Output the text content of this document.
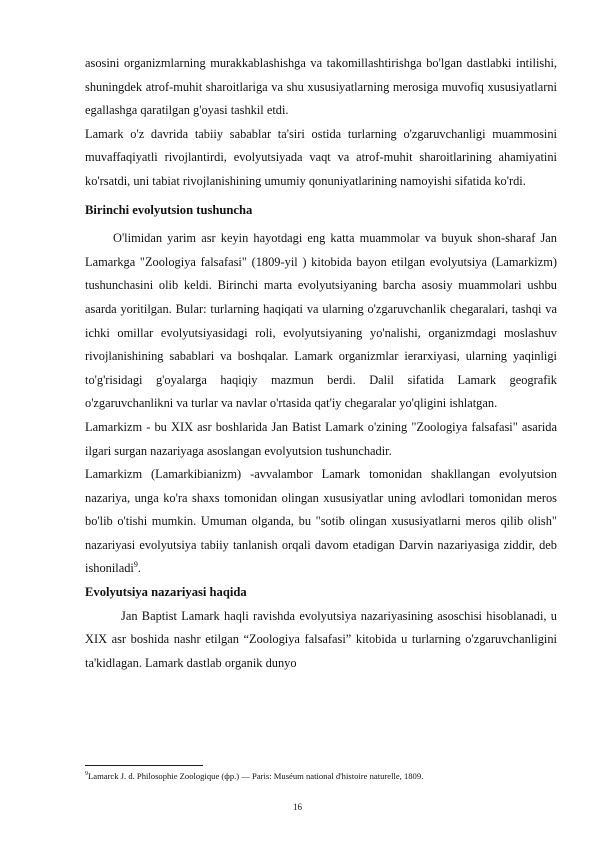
asosini organizmlarning murakkablashishga va takomillashtirishga bo'lgan dastlabki intilishi, shuningdek atrof-muhit sharoitlariga va shu xususiyatlarning merosiga muvofiq xususiyatlarni egallashga qaratilgan g'oyasi tashkil etdi.

Lamark o'z davrida tabiiy sabablar ta'siri ostida turlarning o'zgaruvchanligi muammosini muvaffaqiyatli rivojlantirdi, evolyutsiyada vaqt va atrof-muhit sharoitlarining ahamiyatini ko'rsatdi, uni tabiat rivojlanishining umumiy qonuniyatlarining namoyishi sifatida ko'rdi.

Birinchi evolyutsion tushuncha

O'limidan yarim asr keyin hayotdagi eng katta muammolar va buyuk shon-sharaf Jan Lamarkga "Zoologiya falsafasi" (1809-yil ) kitobida bayon etilgan evolyutsiya (Lamarkizm) tushunchasini olib keldi. Birinchi marta evolyutsiyaning barcha asosiy muammolari ushbu asarda yoritilgan. Bular: turlarning haqiqati va ularning o'zgaruvchanlik chegaralari, tashqi va ichki omillar evolyutsiyasidagi roli, evolyutsiyaning yo'nalishi, organizmdagi moslashuv rivojlanishining sabablari va boshqalar. Lamark organizmlar ierarxiyasi, ularning yaqinligi to'g'risidagi g'oyalarga haqiqiy mazmun berdi. Dalil sifatida Lamark geografik o'zgaruvchanlikni va turlar va navlar o'rtasida qat'iy chegaralar yo'qligini ishlatgan.

Lamarkizm - bu XIX asr boshlarida Jan Batist Lamark o'zining "Zoologiya falsafasi" asarida ilgari surgan nazariyaga asoslangan evolyutsion tushunchadir.

Lamarkizm (Lamarkibianizm) -avvalambor Lamark tomonidan shakllangan evolyutsion nazariya, unga ko'ra shaxs tomonidan olingan xususiyatlar uning avlodlari tomonidan meros bo'lib o'tishi mumkin. Umuman olganda, bu "sotib olingan xususiyatlarni meros qilib olish" nazariyasi evolyutsiya tabiiy tanlanish orqali davom etadigan Darvin nazariyasiga ziddir, deb ishoniladi$^9$.

Evolyutsiya nazariyasi haqida

Jan Baptist Lamark haqli ravishda evolyutsiya nazariyasining asoschisi hisoblanadi, u XIX asr boshida nashr etilgan “Zoologiya falsafasi” kitobida u turlarning o'zgaruvchanligini ta'kidlagan. Lamark dastlab organik dunyo

$^9$Lamarck J. d. Philosophie Zoologique (фр.) — Paris: Muséum national d'histoire naturelle, 1809.
16
